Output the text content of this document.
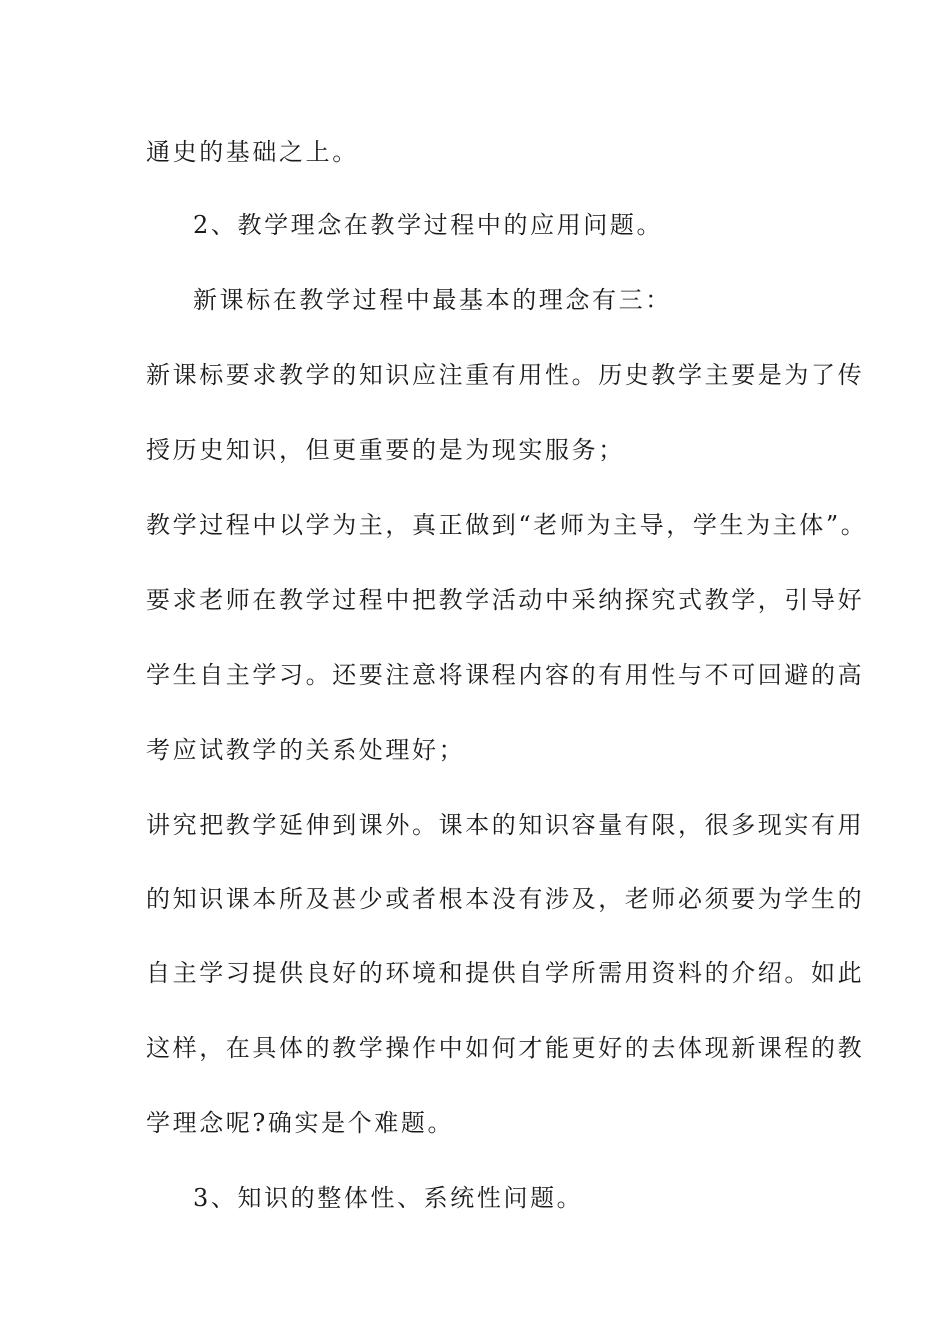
通史的基础之上。

2、教学理念在教学过程中的应用问题。

新课标在教学过程中最基本的理念有三：

新课标要求教学的知识应注重有用性。历史教学主要是为了传

授历史知识，但更重要的是为现实服务；

教学过程中以学为主，真正做到“老师为主导，学生为主体”。

要求老师在教学过程中把教学活动中采纳探究式教学，引导好

学生自主学习。还要注意将课程内容的有用性与不可回避的高

考应试教学的关系处理好；

讲究把教学延伸到课外。课本的知识容量有限，很多现实有用

的知识课本所及甚少或者根本没有涉及，老师必须要为学生的

自主学习提供良好的环境和提供自学所需用资料的介绍。如此

这样，在具体的教学操作中如何才能更好的去体现新课程的教

学理念呢?确实是个难题。

3、知识的整体性、系统性问题。
